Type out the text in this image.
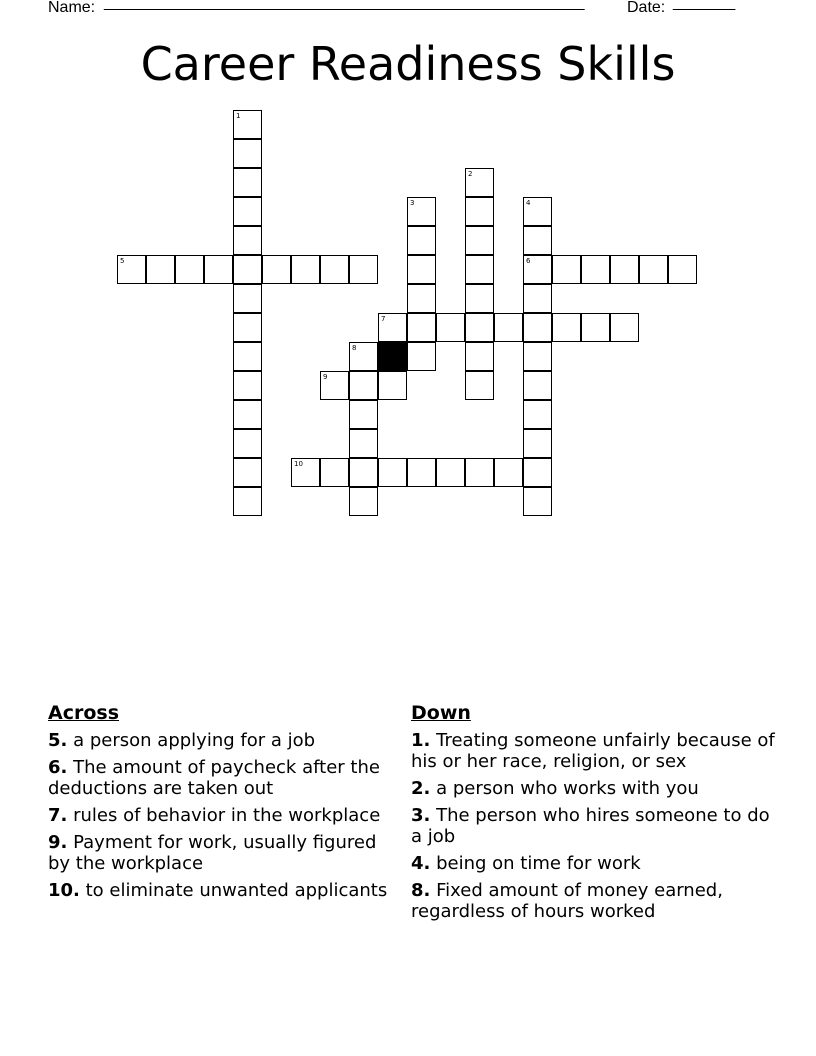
Name: ______________________________________________________	Date: _______
Career Readiness Skills
1
2
3	4
6
5
7
8
9
10
Across
5. a person applying for a job
6. The amount of paycheck after the deductions are taken out
7. rules of behavior in the workplace
9. Payment for work, usually figured by the workplace
10. to eliminate unwanted applicants
Down
1. Treating someone unfairly because of his or her race, religion, or sex
2. a person who works with you
3. The person who hires someone to do a job
4. being on time for work
8. Fixed amount of money earned, regardless of hours worked
